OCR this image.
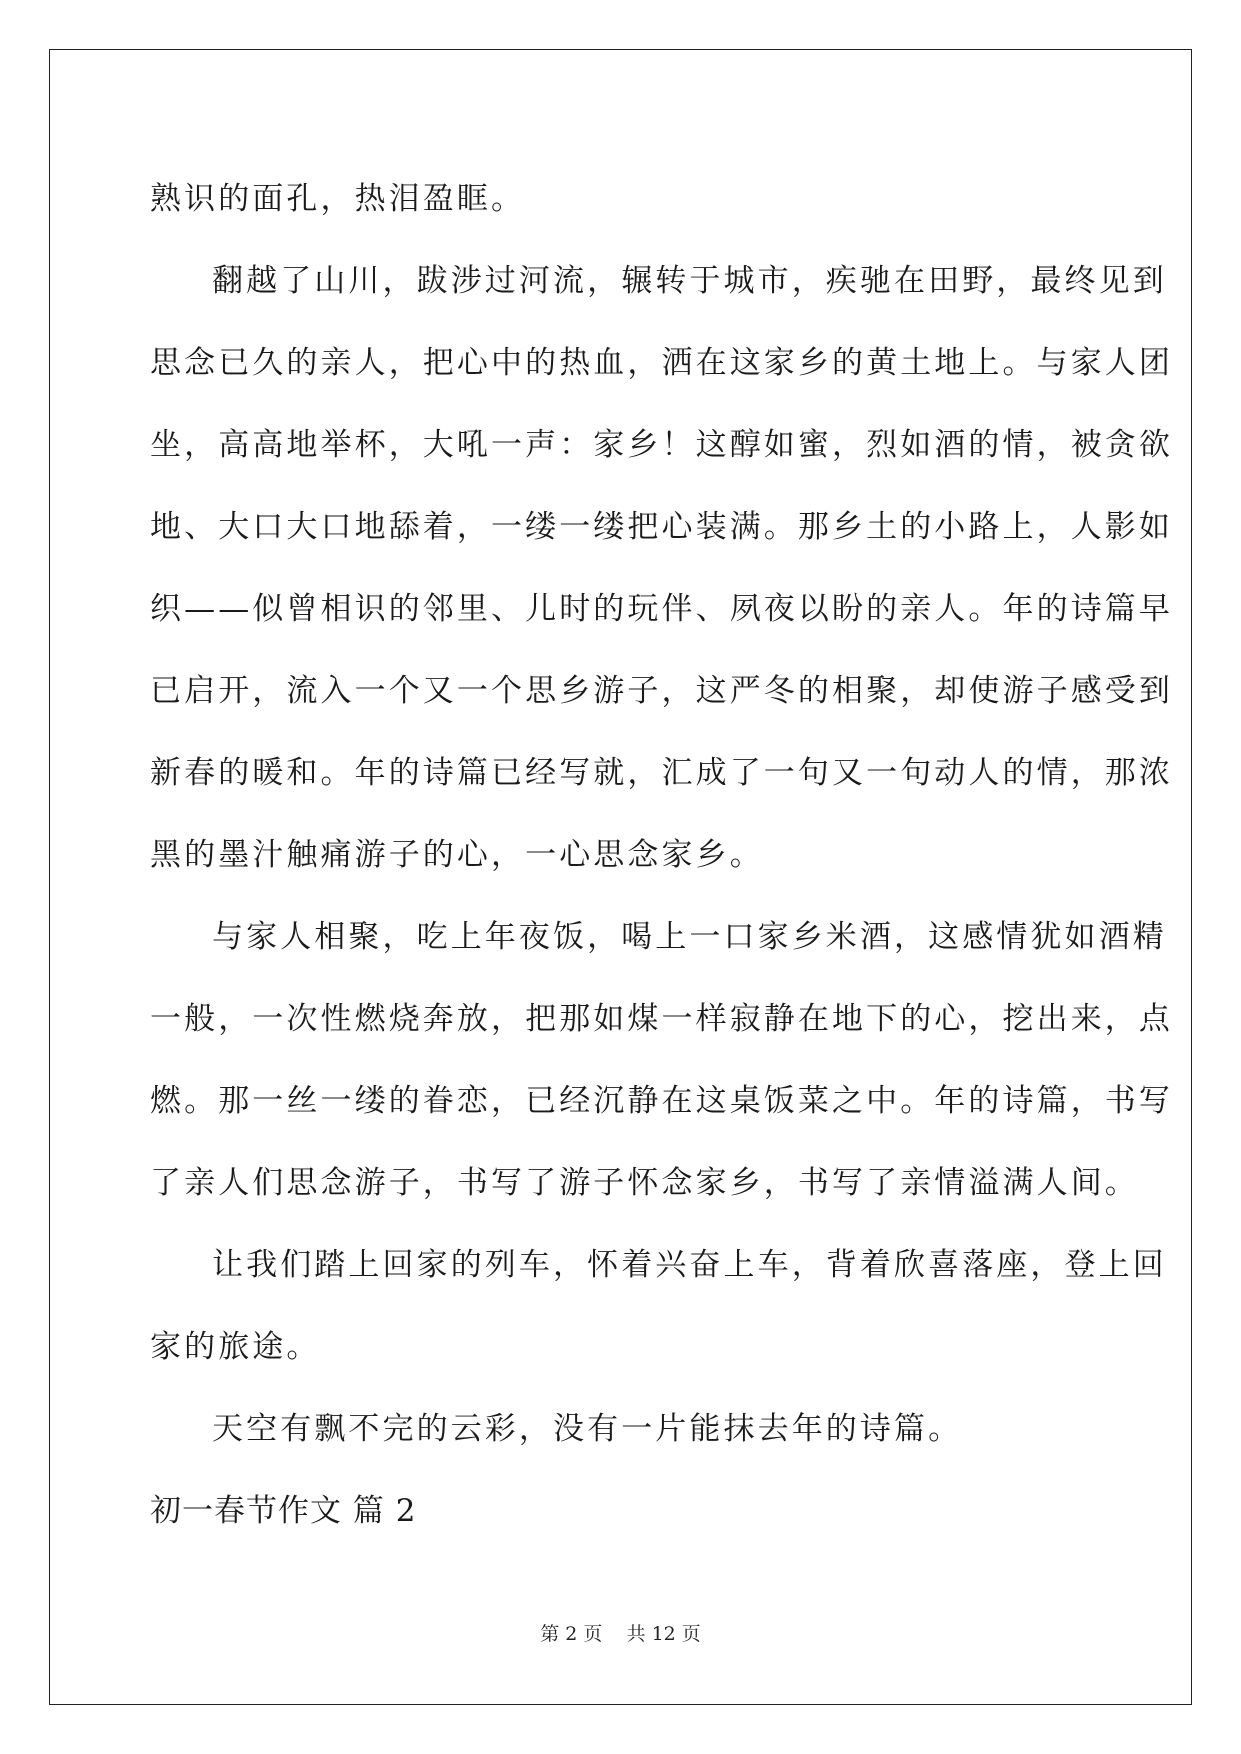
熟识的面孔，热泪盈眶。
翻越了山川，跋涉过河流，辗转于城市，疾驰在田野，最终见到
思念已久的亲人，把心中的热血，洒在这家乡的黄土地上。与家人团
坐，高高地举杯，大吼一声：家乡！这醇如蜜，烈如酒的情，被贪欲
地、大口大口地舔着，一缕一缕把心装满。那乡土的小路上，人影如
织——似曾相识的邻里、儿时的玩伴、夙夜以盼的亲人。年的诗篇早
已启开，流入一个又一个思乡游子，这严冬的相聚，却使游子感受到
新春的暖和。年的诗篇已经写就，汇成了一句又一句动人的情，那浓
黑的墨汁触痛游子的心，一心思念家乡。
与家人相聚，吃上年夜饭，喝上一口家乡米酒，这感情犹如酒精
一般，一次性燃烧奔放，把那如煤一样寂静在地下的心，挖出来，点
燃。那一丝一缕的眷恋，已经沉静在这桌饭菜之中。年的诗篇，书写
了亲人们思念游子，书写了游子怀念家乡，书写了亲情溢满人间。
让我们踏上回家的列车，怀着兴奋上车，背着欣喜落座，登上回
家的旅途。
天空有飘不完的云彩，没有一片能抹去年的诗篇。
初一春节作文 篇 2
第 2 页 共 12 页
